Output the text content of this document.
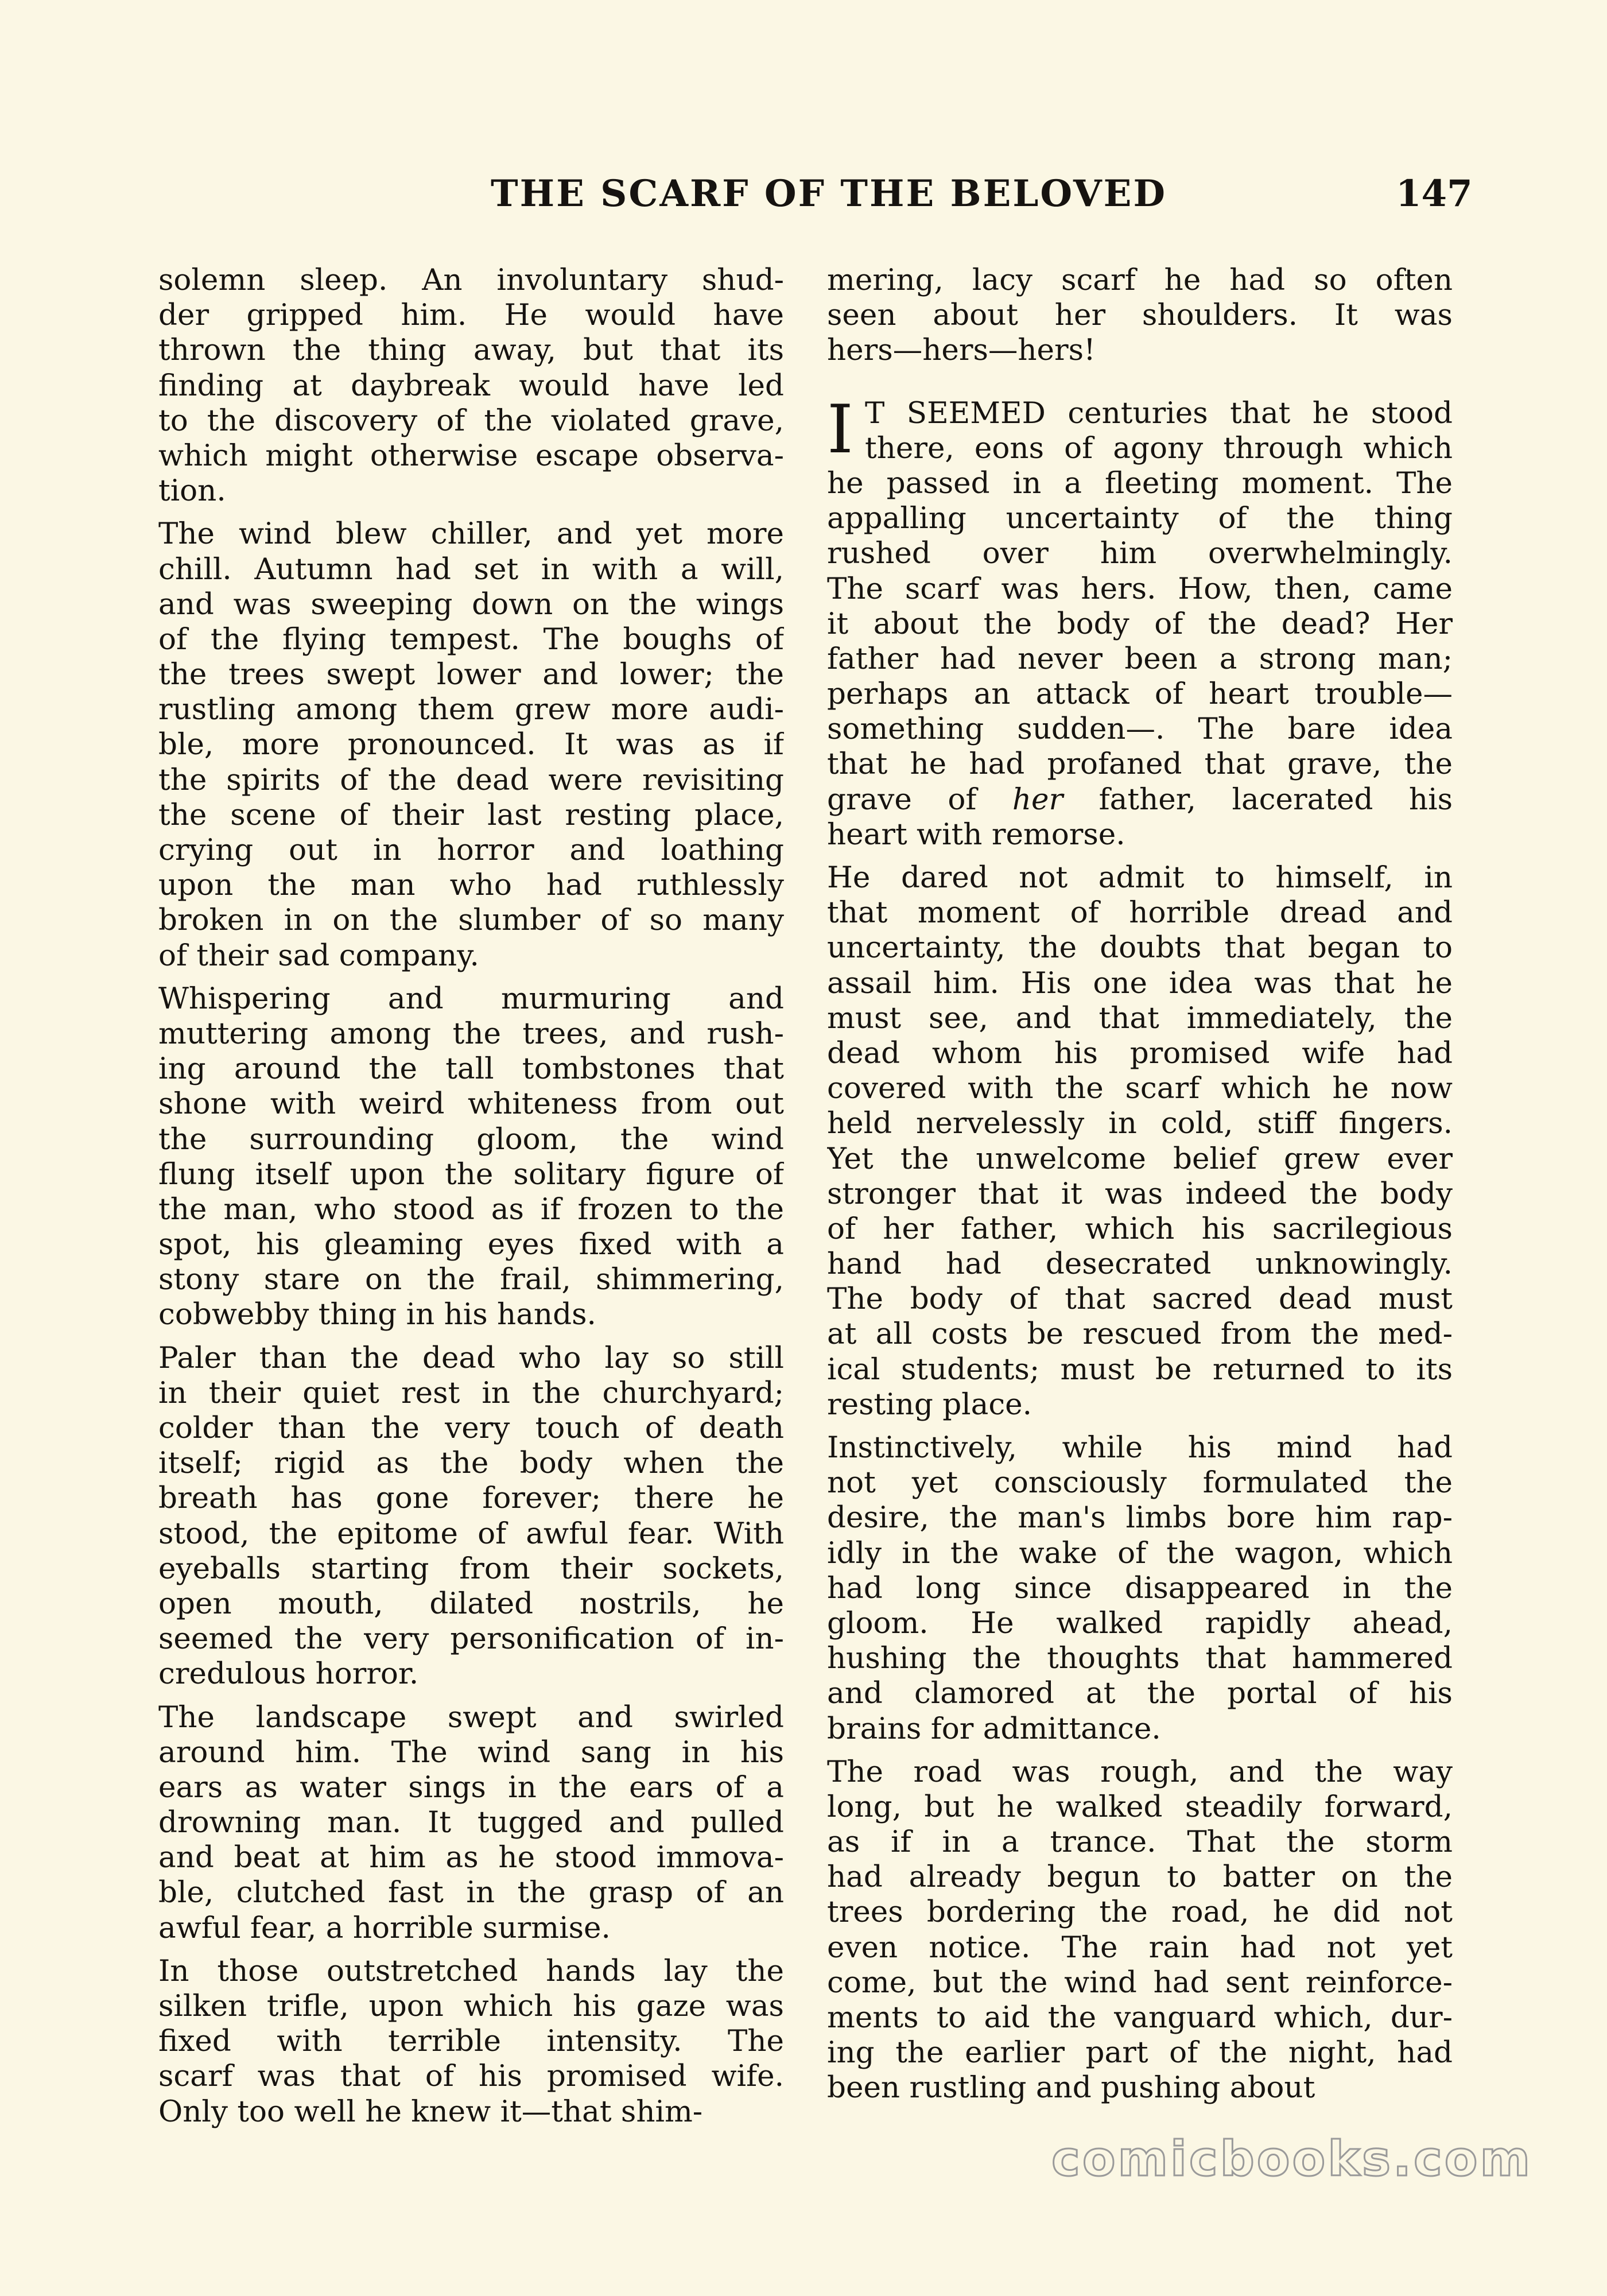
THE SCARF OF THE BELOVED	147
solemn sleep. An involuntary shud-
der gripped him. He would have
thrown the thing away, but that its
finding at daybreak would have led
to the discovery of the violated grave,
which might otherwise escape observa-
tion.
The wind blew chiller, and yet more
chill. Autumn had set in with a will,
and was sweeping down on the wings
of the flying tempest. The boughs of
the trees swept lower and lower; the
rustling among them grew more audi-
ble, more pronounced. It was as if
the spirits of the dead were revisiting
the scene of their last resting place,
crying out in horror and loathing
upon the man who had ruthlessly
broken in on the slumber of so many
of their sad company.
Whispering and murmuring and
muttering among the trees, and rush-
ing around the tall tombstones that
shone with weird whiteness from out
the surrounding gloom, the wind
flung itself upon the solitary figure of
the man, who stood as if frozen to the
spot, his gleaming eyes fixed with a
stony stare on the frail, shimmering,
cobwebby thing in his hands.
Paler than the dead who lay so still
in their quiet rest in the churchyard;
colder than the very touch of death
itself; rigid as the body when the
breath has gone forever; there he
stood, the epitome of awful fear. With
eyeballs starting from their sockets,
open mouth, dilated nostrils, he
seemed the very personification of in-
credulous horror.
The landscape swept and swirled
around him. The wind sang in his
ears as water sings in the ears of a
drowning man. It tugged and pulled
and beat at him as he stood immova-
ble, clutched fast in the grasp of an
awful fear, a horrible surmise.
In those outstretched hands lay the
silken trifle, upon which his gaze was
fixed with terrible intensity. The
scarf was that of his promised wife.
Only too well he knew it—that shim-
mering, lacy scarf he had so often
seen about her shoulders. It was
hers—hers—hers!
I T SEEMED centuries that he stood
there, eons of agony through which
he passed in a fleeting moment. The
appalling uncertainty of the thing
rushed over him overwhelmingly.
The scarf was hers. How, then, came
it about the body of the dead? Her
father had never been a strong man;
perhaps an attack of heart trouble—
something sudden—. The bare idea
that he had profaned that grave, the
grave of her father, lacerated his
heart with remorse.
He dared not admit to himself, in
that moment of horrible dread and
uncertainty, the doubts that began to
assail him. His one idea was that he
must see, and that immediately, the
dead whom his promised wife had
covered with the scarf which he now
held nervelessly in cold, stiff fingers.
Yet the unwelcome belief grew ever
stronger that it was indeed the body
of her father, which his sacrilegious
hand had desecrated unknowingly.
The body of that sacred dead must
at all costs be rescued from the med-
ical students; must be returned to its
resting place.
Instinctively, while his mind had
not yet consciously formulated the
desire, the man's limbs bore him rap-
idly in the wake of the wagon, which
had long since disappeared in the
gloom. He walked rapidly ahead,
hushing the thoughts that hammered
and clamored at the portal of his
brains for admittance.
The road was rough, and the way
long, but he walked steadily forward,
as if in a trance. That the storm
had already begun to batter on the
trees bordering the road, he did not
even notice. The rain had not yet
come, but the wind had sent reinforce-
ments to aid the vanguard which, dur-
ing the earlier part of the night, had
been rustling and pushing about
comicbooks.com
